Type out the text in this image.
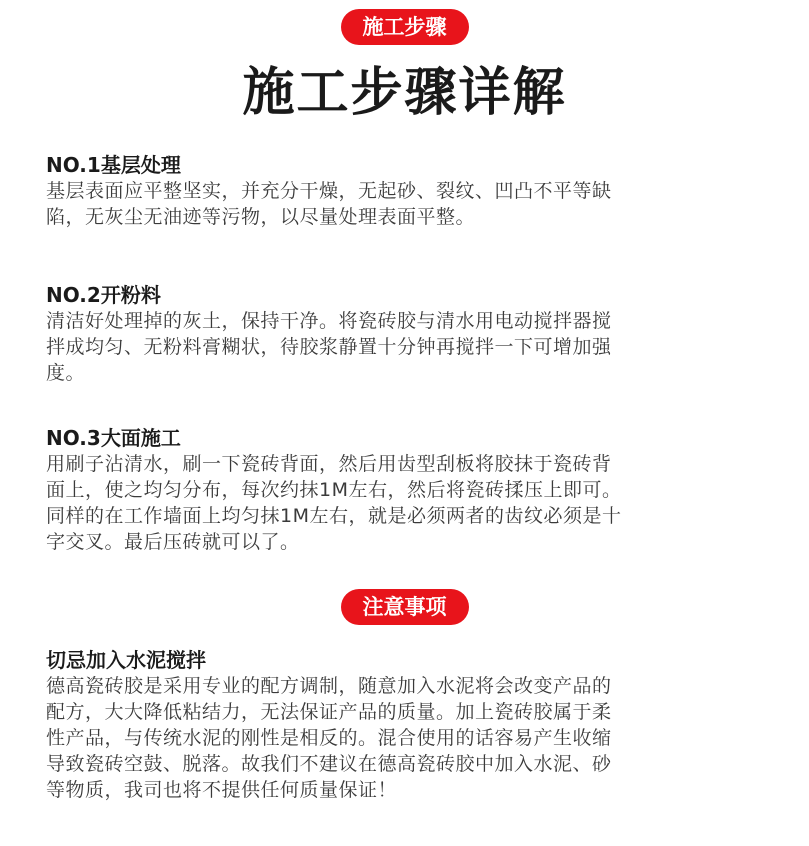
施工步骤
施工步骤详解

NO.1基层处理

基层表面应平整坚实，并充分干燥，无起砂、裂纹、凹凸不平等缺

陷，无灰尘无油迹等污物，以尽量处理表面平整。

NO.2开粉料

清洁好处理掉的灰土，保持干净。将瓷砖胶与清水用电动搅拌器搅

拌成均匀、无粉料膏糊状，待胶浆静置十分钟再搅拌一下可增加强

度。

NO.3大面施工

用刷子沾清水，刷一下瓷砖背面，然后用齿型刮板将胶抹于瓷砖背

面上，使之均匀分布，每次约抹1M左右，然后将瓷砖揉压上即可。

同样的在工作墙面上均匀抹1M左右，就是必须两者的齿纹必须是十

字交叉。最后压砖就可以了。

注意事项

切忌加入水泥搅拌

德高瓷砖胶是采用专业的配方调制，随意加入水泥将会改变产品的

配方，大大降低粘结力，无法保证产品的质量。加上瓷砖胶属于柔

性产品，与传统水泥的刚性是相反的。混合使用的话容易产生收缩

导致瓷砖空鼓、脱落。故我们不建议在德高瓷砖胶中加入水泥、砂

等物质，我司也将不提供任何质量保证！
